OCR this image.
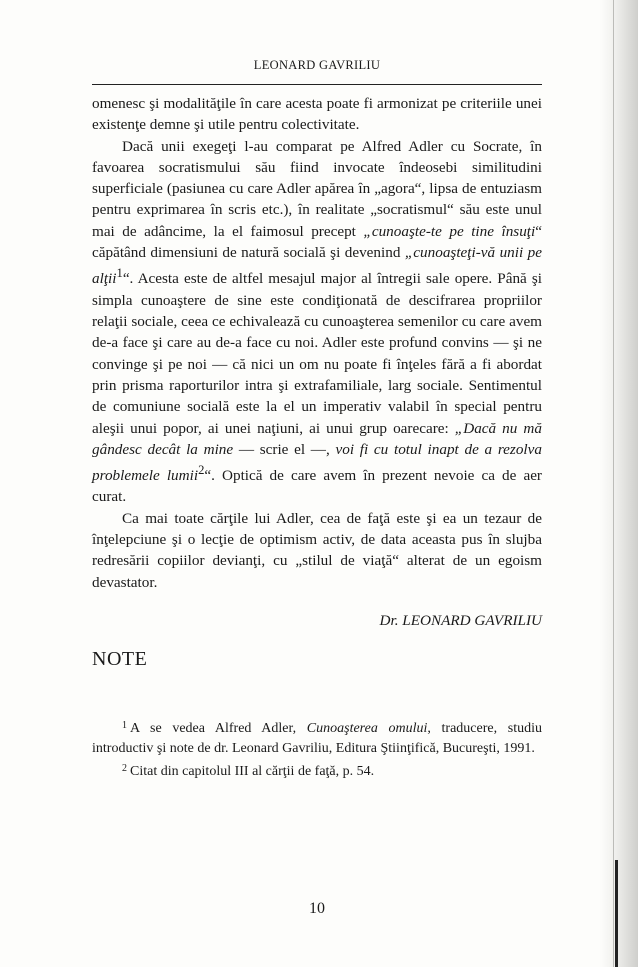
LEONARD GAVRILIU

omenesc şi modalităţile în care acesta poate fi armonizat pe criteriile unei existenţe demne şi utile pentru colectivitate.

Dacă unii exegeţi l-au comparat pe Alfred Adler cu Socrate, în favoarea socratismului său fiind invocate îndeosebi similitudini superficiale (pasiunea cu care Adler apărea în „agora“, lipsa de entuziasm pentru exprimarea în scris etc.), în realitate „socratismul“ său este unul mai de adâncime, la el faimosul precept „cunoaşte-te pe tine însuţi“ căpătând dimensiuni de natură socială şi devenind „cunoaşteţi-vă unii pe alţii$^1$“. Acesta este de altfel mesajul major al întregii sale opere. Până şi simpla cunoaştere de sine este condiţionată de descifrarea propriilor relaţii sociale, ceea ce echivalează cu cunoaşterea semenilor cu care avem de-a face şi care au de-a face cu noi. Adler este profund convins — şi ne convinge şi pe noi — că nici un om nu poate fi înţeles fără a fi abordat prin prisma raporturilor intra şi extrafamiliale, larg sociale. Sentimentul de comuniune socială este la el un imperativ valabil în special pentru aleşii unui popor, ai unei naţiuni, ai unui grup oarecare: „Dacă nu mă gândesc decât la mine — scrie el —, voi fi cu totul inapt de a rezolva problemele lumii$^2$“. Optică de care avem în prezent nevoie ca de aer curat.

Ca mai toate cărţile lui Adler, cea de faţă este şi ea un tezaur de înţelepciune şi o lecţie de optimism activ, de data aceasta pus în slujba redresării copiilor devianţi, cu „stilul de viaţă“ alterat de un egoism devastator.

Dr. LEONARD GAVRILIU
NOTE

$^1$ A se vedea Alfred Adler, Cunoaşterea omului, traducere, studiu introductiv şi note de dr. Leonard Gavriliu, Editura Ştiinţifică, Bucureşti, 1991.

$^2$ Citat din capitolul III al cărţii de faţă, p. 54.

10
